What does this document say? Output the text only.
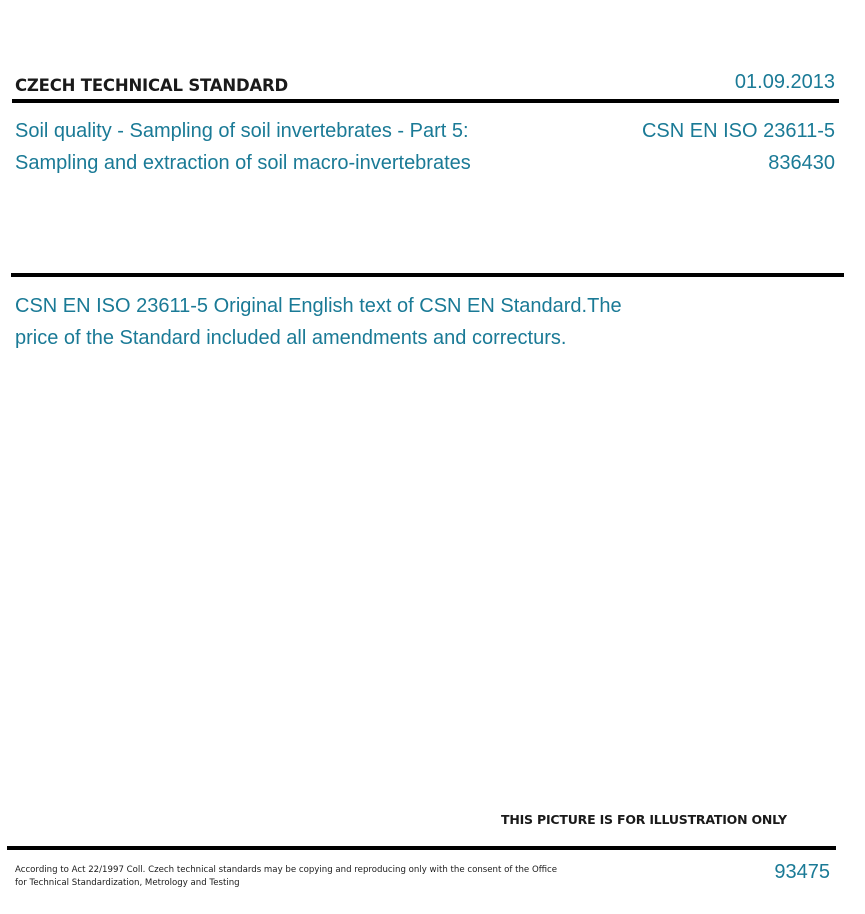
CZECH TECHNICAL STANDARD	01.09.2013
Soil quality - Sampling of soil invertebrates - Part 5:
Sampling and extraction of soil macro-invertebrates
CSN EN ISO 23611-5
836430
CSN EN ISO 23611-5 Original English text of CSN EN Standard.The
price of the Standard included all amendments and correcturs.
THIS PICTURE IS FOR ILLUSTRATION ONLY
According to Act 22/1997 Coll. Czech technical standards may be copying and reproducing only with the consent of the Office
for Technical Standardization, Metrology and Testing	93475
